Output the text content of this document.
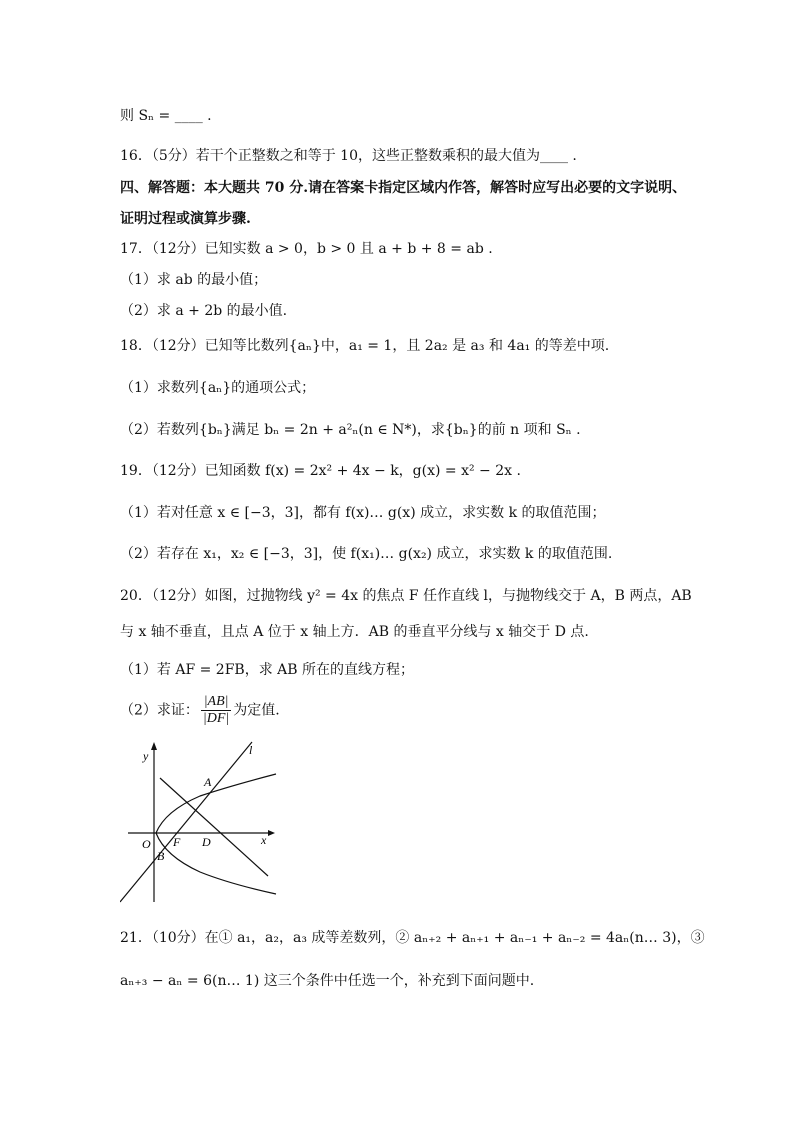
则 Sₙ = ____ .
16．（5分）若干个正整数之和等于 10，这些正整数乘积的最大值为____ .
四、解答题：本大题共 70 分.请在答案卡指定区域内作答，解答时应写出必要的文字说明、
证明过程或演算步骤.
17．（12分）已知实数 a > 0，b > 0 且 a + b + 8 = ab .
（1）求 ab 的最小值；
（2）求 a + 2b 的最小值.
18．（12分）已知等比数列{aₙ}中，a₁ = 1，且 2a₂ 是 a₃ 和 4a₁ 的等差中项.
（1）求数列{aₙ}的通项公式；
（2）若数列{bₙ}满足 bₙ = 2n + a²ₙ(n ∈ N*)，求{bₙ}的前 n 项和 Sₙ .
19．（12分）已知函数 f(x) = 2x² + 4x − k，g(x) = x² − 2x .
（1）若对任意 x ∈ [−3，3]，都有 f(x)… g(x) 成立，求实数 k 的取值范围；
（2）若存在 x₁，x₂ ∈ [−3，3]，使 f(x₁)… g(x₂) 成立，求实数 k 的取值范围.
20．（12分）如图，过抛物线 y² = 4x 的焦点 F 任作直线 l，与抛物线交于 A，B 两点，AB
与 x 轴不垂直，且点 A 位于 x 轴上方．AB 的垂直平分线与 x 轴交于 D 点.
（1）若 AF = 2FB，求 AB 所在的直线方程；
（2）求证： $\frac{|AB|}{|DF|}$ 为定值.
y
x
O F D
A
B
l
21．（10分）在① a₁，a₂，a₃ 成等差数列，② aₙ₊₂ + aₙ₊₁ + aₙ₋₁ + aₙ₋₂ = 4aₙ(n… 3)，③
aₙ₊₃ − aₙ = 6(n… 1) 这三个条件中任选一个，补充到下面问题中.
